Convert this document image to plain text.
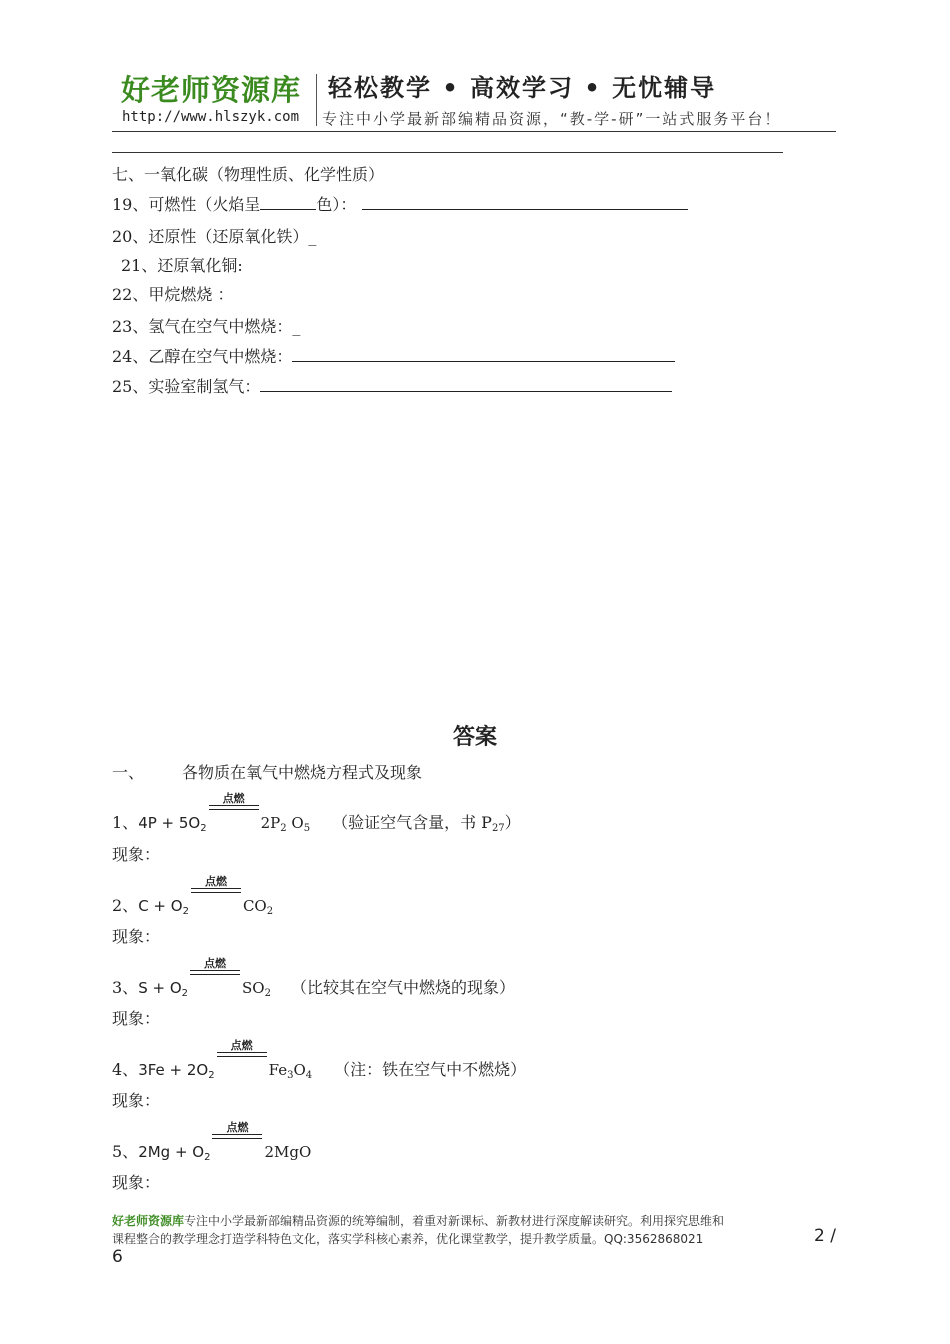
好老师资源库 轻松教学 • 高效学习 • 无忧辅导
http://www.hlszyk.com 专注中小学最新部编精品资源，“教-学-研”一站式服务平台！
七、一氧化碳（物理性质、化学性质）
19、可燃性（火焰呈	色）：
20、还原性（还原氧化铁）_
21、还原氧化铜:
22、甲烷燃烧 ：
23、氢气在空气中燃烧：_
24、乙醇在空气中燃烧：
25、实验室制氢气：
答案
一、 各物质在氧气中燃烧方程式及现象
1、$4P + 5O_2$
点燃
$2P_2$ $O_5$ （验证空气含量，书 P27）
现象：
2、$C + O_2$
点燃
$CO_2$
现象：
3、$S + O_2$
点燃
$SO_2$ （比较其在空气中燃烧的现象）
现象：
4、$3Fe + 2O_2$
点燃
$Fe_3O_4$ （注：铁在空气中不燃烧）
现象：
5、$2Mg + O_2$
点燃
2MgO
现象：
好老师资源库专注中小学最新部编精品资源的统筹编制，着重对新课标、新教材进行深度解读研究。利用探究思维和
课程整合的教学理念打造学科特色文化，落实学科核心素养，优化课堂教学，提升教学质量。QQ:3562868021	2 /
6
